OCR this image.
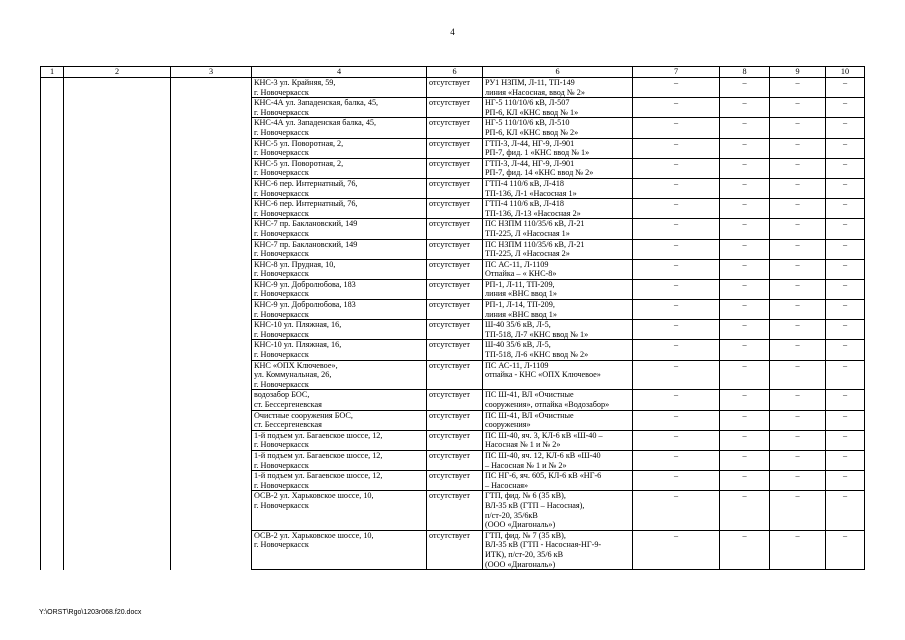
4
1	2	3	4	6	6	7	8	9	10

			КНС-3 ул. Крайняя, 59,
г. Новочеркасск	отсутствует	РУ1 НЗПМ, Л-11, ТП-149
линия «Насосная, ввод № 2»	–	–	–	–

			КНС-4А ул. Западенская, балка, 45,
г. Новочеркасск	отсутствует	НГ-5 110/10/6 кВ, Л-507
РП-6, КЛ «КНС ввод № 1»	–	–	–	–

			КНС-4А ул. Западенская балка, 45,
г. Новочеркасск	отсутствует	НГ-5 110/10/6 кВ, Л-510
РП-6, КЛ «КНС ввод № 2»	–	–	–	–

			КНС-5 ул. Поворотная, 2,
г. Новочеркасск	отсутствует	ГТП-3, Л-44, НГ-9, Л-901
РП-7, фид. 1 «КНС ввод № 1»	–	–	–	–

			КНС-5 ул. Поворотная, 2,
г. Новочеркасск	отсутствует	ГТП-3, Л-44, НГ-9, Л-901
РП-7, фид. 14 «КНС ввод № 2»	–	–	–	–

			КНС-6 пер. Интернатный, 76,
г. Новочеркасск	отсутствует	ГТП-4 110/6 кВ, Л-418
ТП-136, Л-1 «Насосная 1»	–	–	–	–

			КНС-6 пер. Интернатный, 76,
г. Новочеркасск	отсутствует	ГТП-4 110/6 кВ, Л-418
ТП-136, Л-13 «Насосная 2»	–	–	–	–

			КНС-7 пр. Баклановский, 149
г. Новочеркасск	отсутствует	ПС НЗПМ 110/35/6 кВ, Л-21
ТП-225, Л «Насосная 1»	–	–	–	–

			КНС-7 пр. Баклановский, 149
г. Новочеркасск	отсутствует	ПС НЗПМ 110/35/6 кВ, Л-21
ТП-225, Л «Насосная 2»	–	–	–	–

			КНС-8 ул. Прудная, 10,
г. Новочеркасск	отсутствует	ПС АС-11, Л-1109
Отпайка – « КНС-8»	–	–	–	–

			КНС-9 ул. Добролюбова, 183
г. Новочеркасск	отсутствует	РП-1, Л-11, ТП-209,
линия «ВНС ввод 1»	–	–	–	–

			КНС-9 ул. Добролюбова, 183
г. Новочеркасск	отсутствует	РП-1, Л-14, ТП-209,
линия «ВНС ввод 1»	–	–	–	–

			КНС-10 ул. Пляжная, 16,
г. Новочеркасск	отсутствует	Ш-40 35/6 кВ, Л-5,
ТП-518, Л-7 «КНС ввод № 1»	–	–	–	–

			КНС-10 ул. Пляжная, 16,
г. Новочеркасск	отсутствует	Ш-40 35/6 кВ, Л-5,
ТП-518, Л-6 «КНС ввод № 2»	–	–	–	–

			КНС «ОПХ Ключевое»,
ул. Коммунальная, 26,
г. Новочеркасск	отсутствует	ПС АС-11, Л-1109
отпайка - КНС «ОПХ Ключевое»	–	–	–	–

			водозабор БОС,
ст. Бессергеневская	отсутствует	ПС Ш-41, ВЛ «Очистные
сооружения», отпайка «Водозабор»	–	–	–	–

			Очистные сооружения БОС,
ст. Бессергеневская	отсутствует	ПС Ш-41, ВЛ «Очистные
сооружения»	–	–	–	–

			1-й подъем ул. Багаевское шоссе, 12,
г. Новочеркасск	отсутствует	ПС Ш-40, яч. 3, КЛ-6 кВ «Ш-40 –
Насосная № 1 и № 2»	–	–	–	–

			1-й подъем ул. Багаевское шоссе, 12,
г. Новочеркасск	отсутствует	ПС Ш-40, яч. 12, КЛ-6 кВ «Ш-40
– Насосная № 1 и № 2»	–	–	–	–

			1-й подъем ул. Багаевское шоссе, 12,
г. Новочеркасск	отсутствует	ПС НГ-6, яч. 605, КЛ-6 кВ «НГ-6
– Насосная»	–	–	–	–

			ОСВ-2 ул. Харьковское шоссе, 10,
г. Новочеркасск	отсутствует	ГТП, фид. № 6 (35 кВ),
ВЛ-35 кВ (ГТП – Насосная),
п/ст-20, 35/6кВ
(ООО «Диагональ»)	–	–	–	–

			ОСВ-2 ул. Харьковское шоссе, 10,
г. Новочеркасск	отсутствует	ГТП, фид. № 7 (35 кВ),
ВЛ-35 кВ (ГТП - Насосная-НГ-9-
ИТК), п/ст-20, 35/6 кВ
(ООО «Диагональ»)	–	–	–	–
Y:\ORST\Rgo\1203r068.f20.docx
